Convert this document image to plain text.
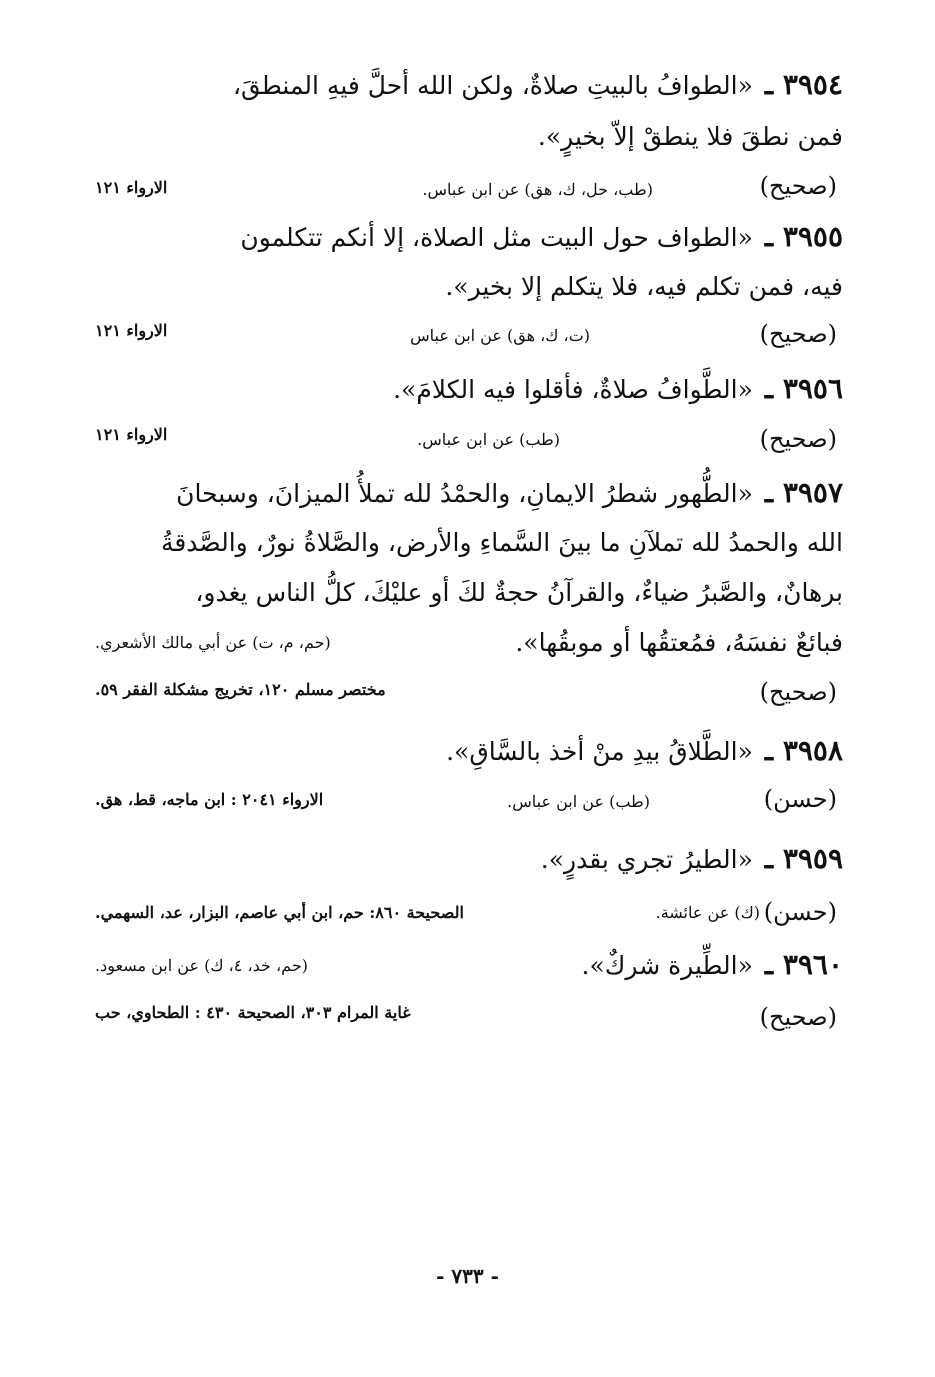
٣٩٥٤ ـ«الطوافُ بالبيتِ صلاةٌ، ولكن الله أحلَّ فيهِ المنطقَ،
فمن نطقَ فلا ينطقْ إلاّ بخيرٍ».
(صحيح)
(طب، حل، ك، هق) عن ابن عباس.
الارواء ١٢١
٣٩٥٥ ـ«الطواف حول البيت مثل الصلاة، إلا أنكم تتكلمون
فيه، فمن تكلم فيه، فلا يتكلم إلا بخير».
(صحيح)
(ت، ك، هق) عن ابن عباس
الارواء ١٢١
٣٩٥٦ ـ«الطَّوافُ صلاةٌ، فأقلوا فيه الكلامَ».
(صحيح)
(طب) عن ابن عباس.
الارواء ١٢١
٣٩٥٧ ـ«الطُّهور شطرُ الايمانِ، والحمْدُ لله تملأُ الميزانَ، وسبحانَ
الله والحمدُ لله تملآنِ ما بينَ السَّماءِ والأرض، والصَّلاةُ نورٌ، والصَّدقةُ
برهانٌ، والصَّبرُ ضياءٌ، والقرآنُ حجةٌ لكَ أو عليْكَ، كلُّ الناس يغدو،
فبائعٌ نفسَهُ، فمُعتقُها أو موبقُها».
(حم، م، ت) عن أبي مالك الأشعري.
(صحيح)
مختصر مسلم ١٢٠، تخريج مشكلة الفقر ٥٩.
٣٩٥٨ ـ«الطَّلاقُ بيدِ منْ أخذ بالسَّاقِ».
(حسن)
(طب) عن ابن عباس.
الارواء ٢٠٤١ : ابن ماجه، قط، هق.
٣٩٥٩ ـ«الطيرُ تجري بقدرٍ».
(حسن)
(ك) عن عائشة.
الصحيحة ٨٦٠: حم، ابن أبي عاصم، البزار، عد، السهمي.
٣٩٦٠ ـ«الطِّيرة شركٌ».
(حم، خد، ٤، ك) عن ابن مسعود.
(صحيح)
غاية المرام ٣٠٣، الصحيحة ٤٣٠ : الطحاوي، حب
- ٧٣٣ -
